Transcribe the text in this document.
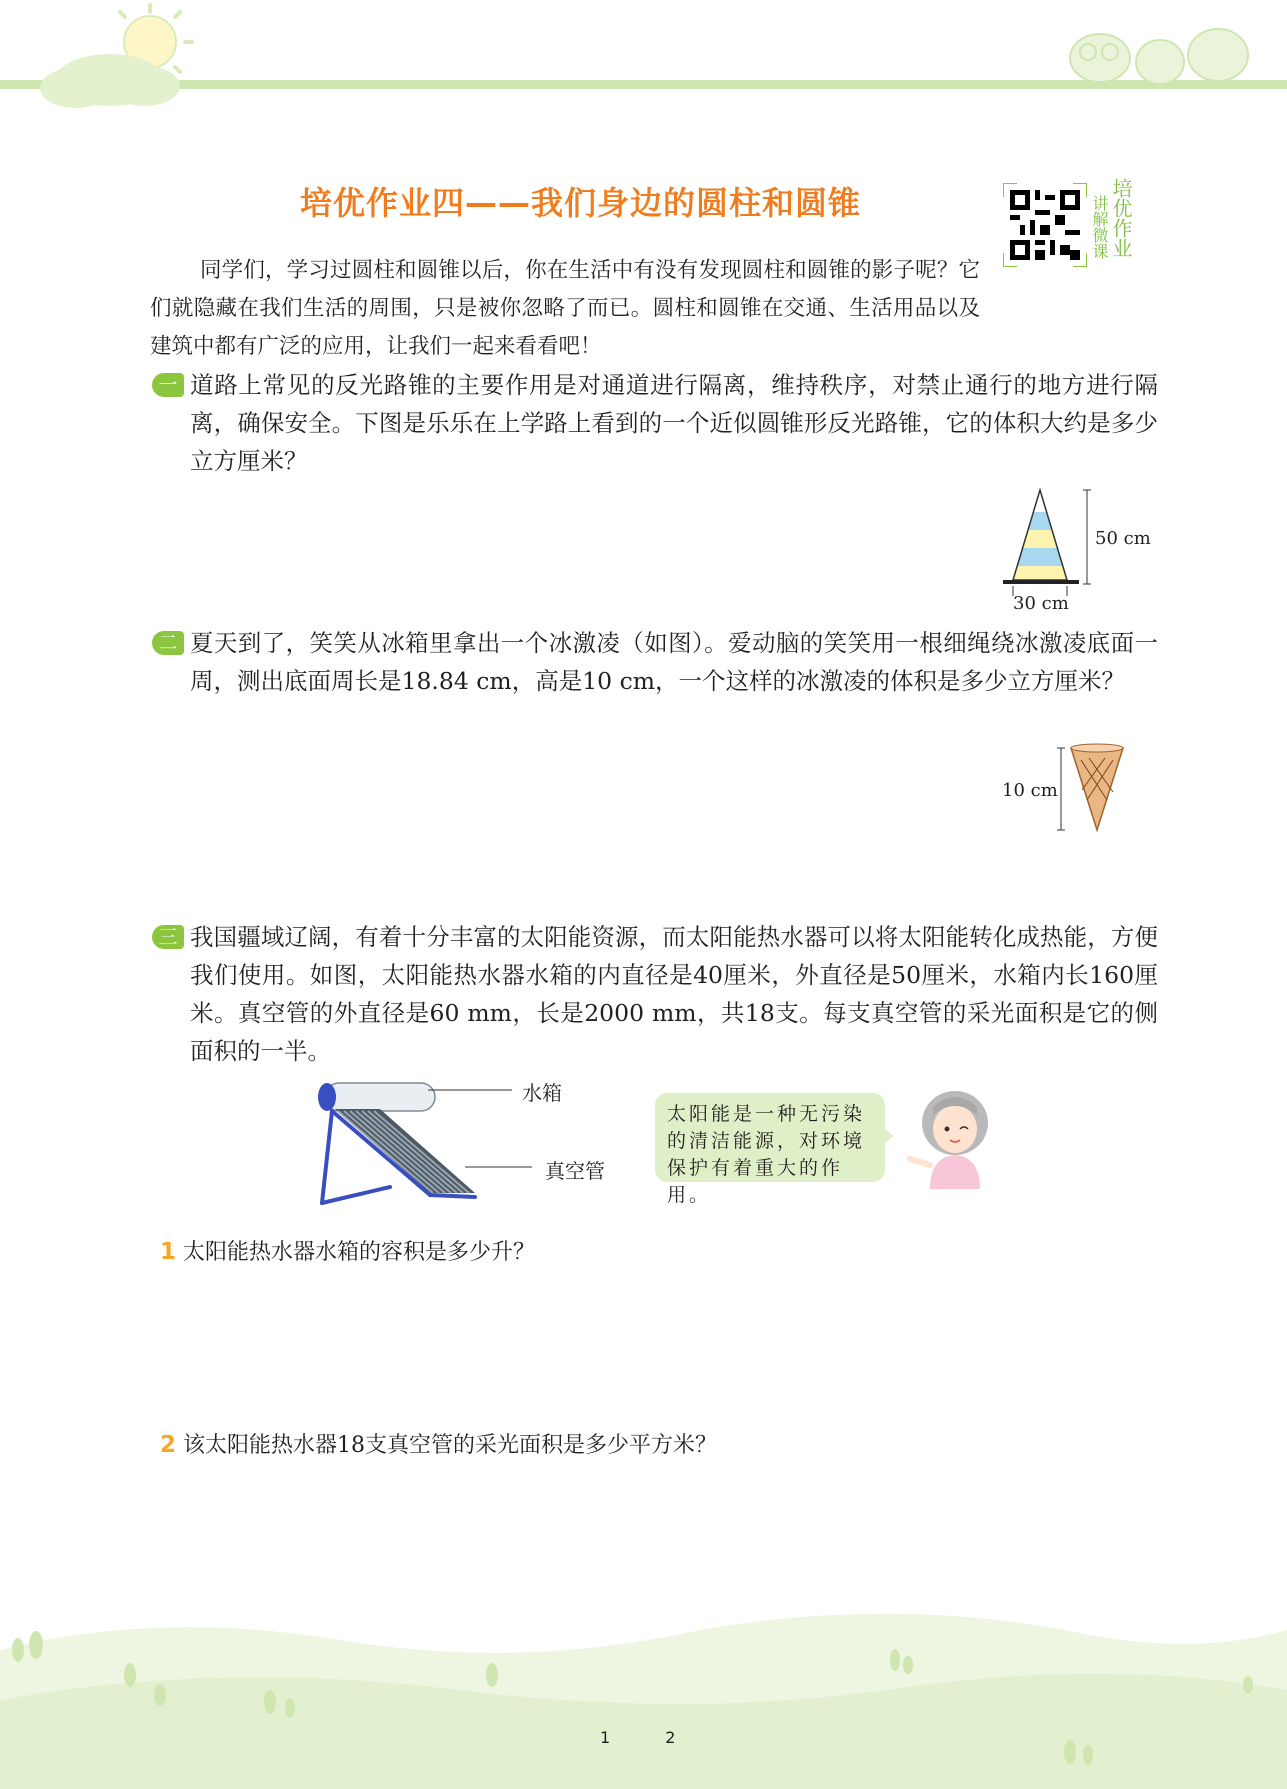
培优作业四——我们身边的圆柱和圆锥	讲解微课 培优作业
同学们，学习过圆柱和圆锥以后，你在生活中有没有发现圆柱和圆锥的影子呢？它们就隐藏在我们生活的周围，只是被你忽略了而已。圆柱和圆锥在交通、生活用品以及建筑中都有广泛的应用，让我们一起来看看吧！
一 道路上常见的反光路锥的主要作用是对通道进行隔离，维持秩序，对禁止通行的地方进行隔离，确保安全。下图是乐乐在上学路上看到的一个近似圆锥形反光路锥，它的体积大约是多少立方厘米？
50 cm
30 cm
二 夏天到了，笑笑从冰箱里拿出一个冰激凌（如图）。爱动脑的笑笑用一根细绳绕冰激凌底面一周，测出底面周长是18.84 cm，高是10 cm，一个这样的冰激凌的体积是多少立方厘米？
10 cm
三 我国疆域辽阔，有着十分丰富的太阳能资源，而太阳能热水器可以将太阳能转化成热能，方便我们使用。如图，太阳能热水器水箱的内直径是40厘米，外直径是50厘米，水箱内长160厘米。真空管的外直径是60 mm，长是2000 mm，共18支。每支真空管的采光面积是它的侧面积的一半。
水箱
真空管
太阳能是一种无污染的清洁能源，对环境保护有着重大的作用。
1 太阳能热水器水箱的容积是多少升？
2 该太阳能热水器18支真空管的采光面积是多少平方米？
1 2
